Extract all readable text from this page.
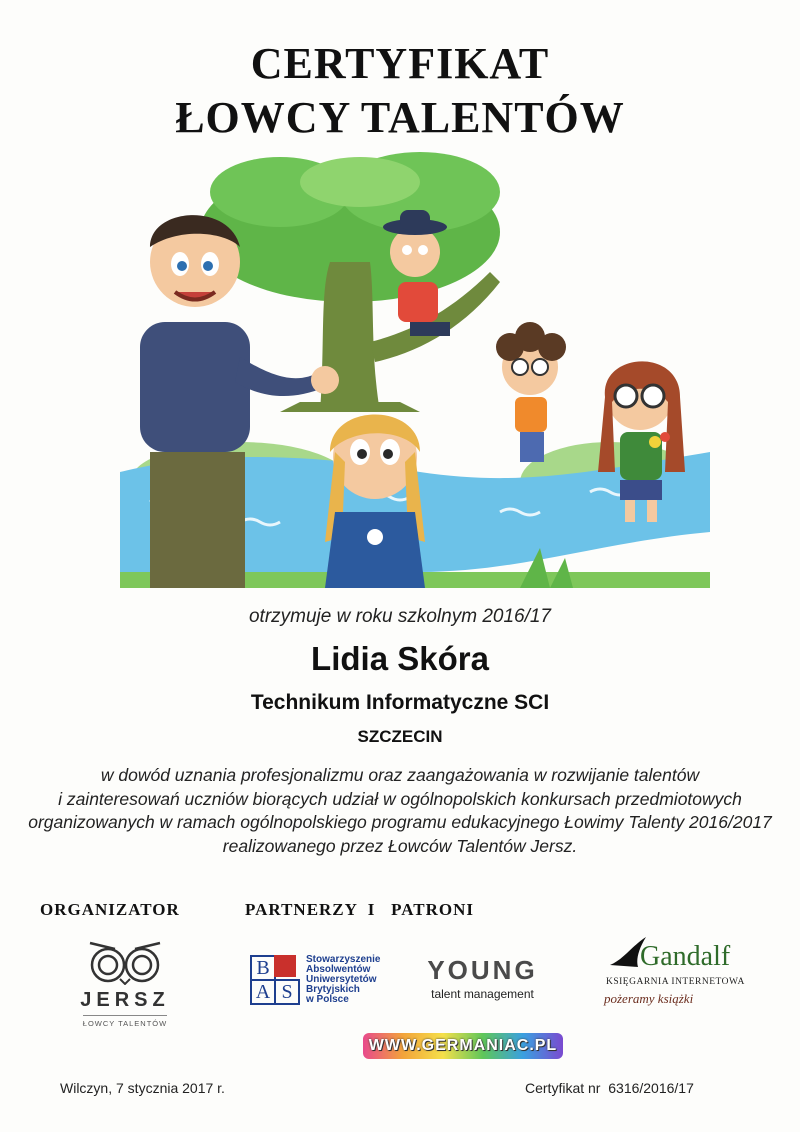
CERTYFIKAT
ŁOWCY TALENTÓW
otrzymuje w roku szkolnym 2016/17
Lidia Skóra
Technikum Informatyczne SCI
SZCZECIN
w dowód uznania profesjonalizmu oraz zaangażowania w rozwijanie talentów
i zainteresowań uczniów biorących udział w ogólnopolskich konkursach przedmiotowych
organizowanych w ramach ogólnopolskiego programu edukacyjnego Łowimy Talenty 2016/2017
realizowanego przez Łowców Talentów Jersz.
ORGANIZATOR	PARTNERZY  I   PATRONI
JERSZ
ŁOWCY TALENTÓW
B
A S
Stowarzyszenie
Absolwentów
Uniwersytetów
Brytyjskich
w Polsce
YOUNG
talent management
Gandalf
KSIĘGARNIA INTERNETOWA
pożeramy książki
WWW.GERMANIAC.PL
Wilczyn, 7 stycznia 2017 r.	Certyfikat nr  6316/2016/17
